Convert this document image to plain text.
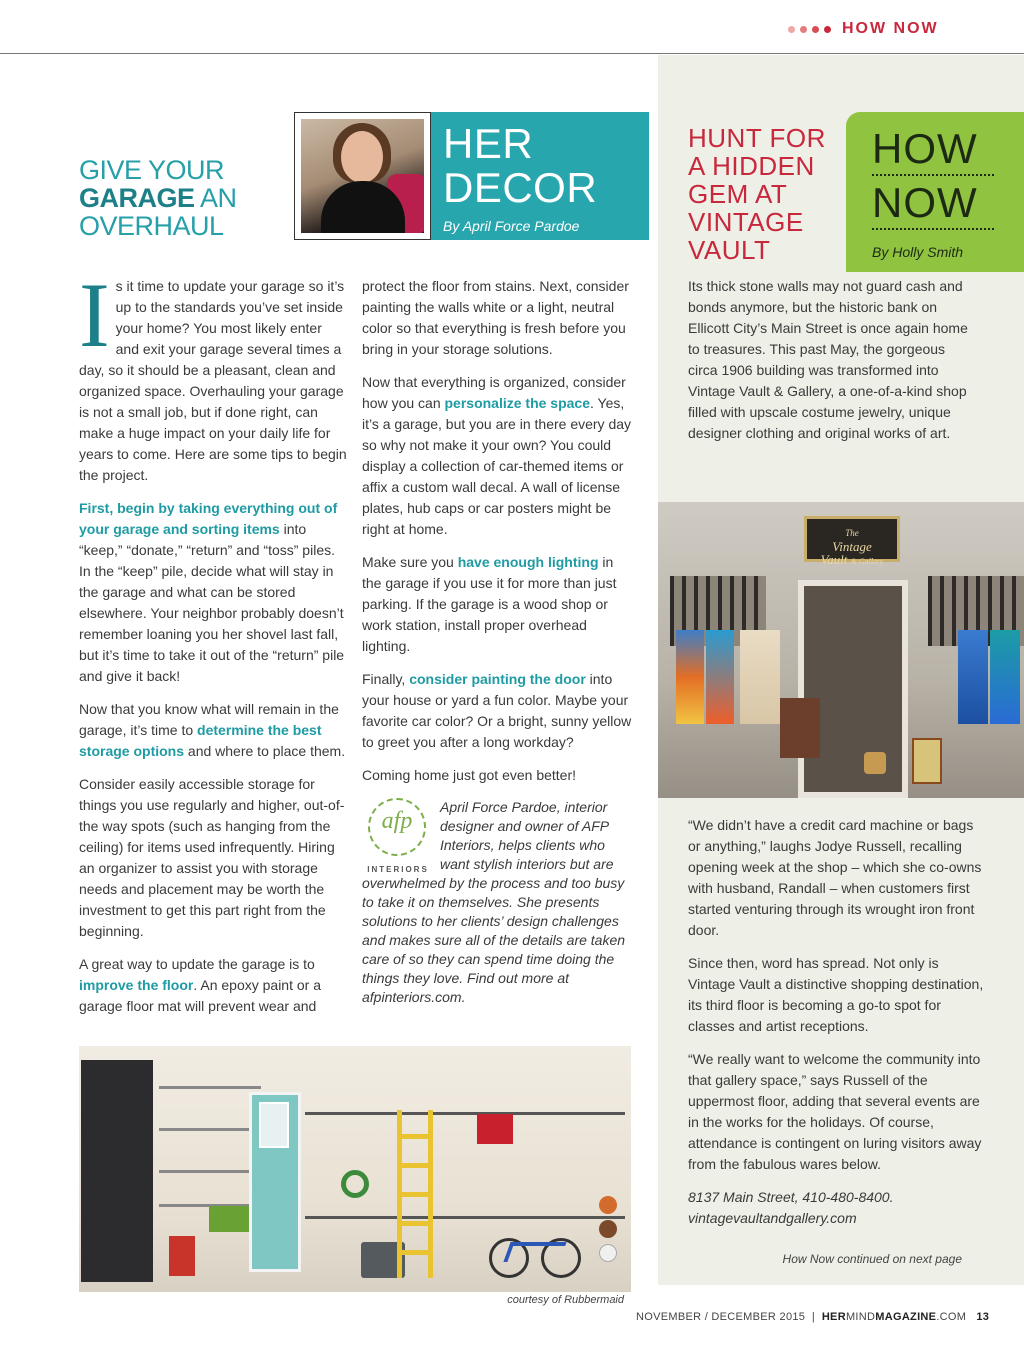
HOW NOW
GIVE YOUR
GARAGE AN
OVERHAUL
HER
DECOR
By April Force Pardoe

Is it time to update your garage so it’s up to the standards you’ve set inside your home? You most likely enter and exit your garage several times a day, so it should be a pleasant, clean and organized space. Overhauling your garage is not a small job, but if done right, can make a huge impact on your daily life for years to come. Here are some tips to begin the project.

First, begin by taking everything out of your garage and sorting items into “keep,” “donate,” “return” and “toss” piles. In the “keep” pile, decide what will stay in the garage and what can be stored elsewhere. Your neighbor probably doesn’t remember loaning you her shovel last fall, but it’s time to take it out of the “return” pile and give it back!

Now that you know what will remain in the garage, it’s time to determine the best storage options and where to place them.

Consider easily accessible storage for things you use regularly and higher, out-of-the way spots (such as hanging from the ceiling) for items used infrequently. Hiring an organizer to assist you with storage needs and placement may be worth the investment to get this part right from the beginning.

A great way to update the garage is to improve the floor. An epoxy paint or a garage floor mat will prevent wear and

protect the floor from stains. Next, consider painting the walls white or a light, neutral color so that everything is fresh before you bring in your storage solutions.

Now that everything is organized, consider how you can personalize the space. Yes, it’s a garage, but you are in there every day so why not make it your own? You could display a collection of car-themed items or affix a custom wall decal. A wall of license plates, hub caps or car posters might be right at home.

Make sure you have enough lighting in the garage if you use it for more than just parking. If the garage is a wood shop or work station, install proper overhead lighting.

Finally, consider painting the door into your house or yard a fun color. Maybe your favorite car color? Or a bright, sunny yellow to greet you after a long workday?

Coming home just got even better!

afp
INTERIORS
April Force Pardoe, interior designer and owner of AFP Interiors, helps clients who want stylish interiors but are overwhelmed by the process and too busy to take it on themselves. She presents solutions to her clients’ design challenges and makes sure all of the details are taken care of so they can spend time doing the things they love. Find out more at afpinteriors.com.
courtesy of Rubbermaid
HUNT FOR A HIDDEN GEM AT VINTAGE VAULT
HOW
NOW
By Holly Smith

Its thick stone walls may not guard cash and bonds anymore, but the historic bank on Ellicott City’s Main Street is once again home to treasures. This past May, the gorgeous circa 1906 building was transformed into Vintage Vault & Gallery, a one-of-a-kind shop filled with upscale costume jewelry, unique designer clothing and original works of art.

The
Vintage
Vault & Gallery

“We didn’t have a credit card machine or bags or anything,” laughs Jodye Russell, recalling opening week at the shop – which she co-owns with husband, Randall – when customers first started venturing through its wrought iron front door.

Since then, word has spread. Not only is Vintage Vault a distinctive shopping destination, its third floor is becoming a go-to spot for classes and artist receptions.

“We really want to welcome the community into that gallery space,” says Russell of the uppermost floor, adding that several events are in the works for the holidays. Of course, attendance is contingent on luring visitors away from the fabulous wares below.

8137 Main Street, 410-480-8400.
vintagevaultandgallery.com

How Now continued on next page
NOVEMBER / DECEMBER 2015 | HERMINDMAGAZINE.COM 13
